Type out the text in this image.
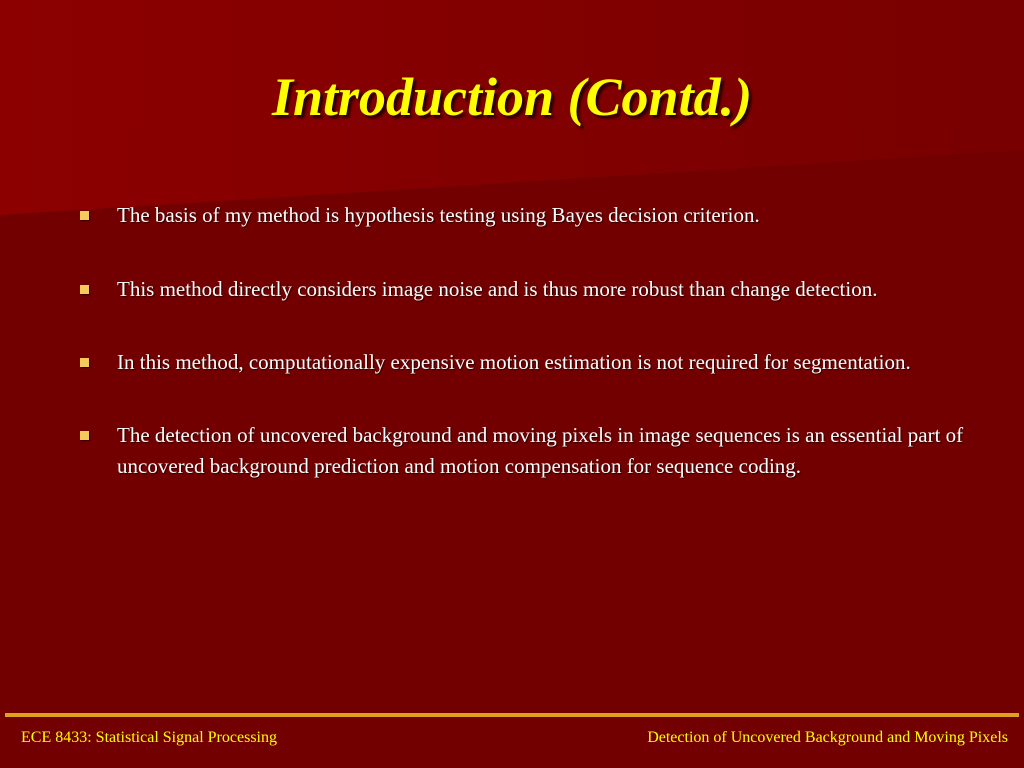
Introduction (Contd.)
The basis of my method is hypothesis testing using Bayes decision criterion.
This method directly considers image noise and is thus more robust than change detection.
In this method, computationally expensive motion estimation is not required for segmentation.
The detection of uncovered background and moving pixels in image sequences is an essential part of uncovered background prediction and motion compensation for sequence coding.
ECE 8433: Statistical Signal Processing	Detection of Uncovered Background and Moving Pixels
